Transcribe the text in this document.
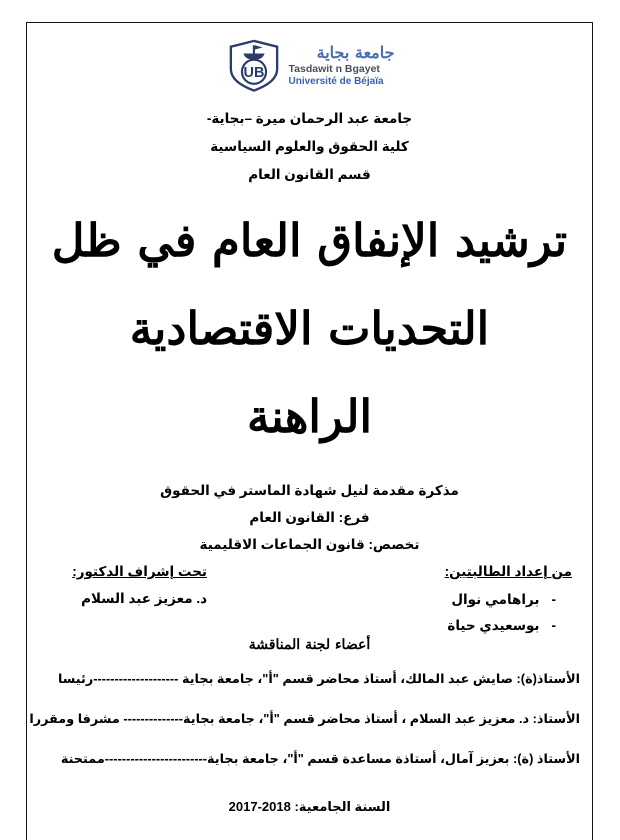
UB
جامعة بجاية
Tasdawit n Bgayet
Université de Béjaïa
جامعة عبد الرحمان ميرة –بجاية-
كلية الحقوق والعلوم السياسية
قسم القانون العام
ترشيد الإنفاق العام في ظل
التحديات الاقتصادية
الراهنة
مذكرة مقدمة لنيل شهادة الماستر في الحقوق
فرع: القانون العام
تخصص: قانون الجماعات الاقليمية
من إعداد الطالبتين:
-
براهامي نوال
-
بوسعيدي حياة
تحت إشراف الدكتور:
د. معزيز عبد السلام
أعضاء لجنة المناقشة
الأستاذ(ة): صايش عبد المالك، أستاذ محاضر قسم "أ"، جامعة بجاية --------------------رئيسا
الأستاذ: د. معزيز عبد السلام ، أستاذ محاضر قسم "أ"، جامعة بجاية-------------- مشرفا ومقررا
الأستاذ (ة): بعزيز آمال، أستاذة مساعدة قسم "أ"، جامعة بجاية------------------------ممتحنة
السنة الجامعية: 2018-2017
